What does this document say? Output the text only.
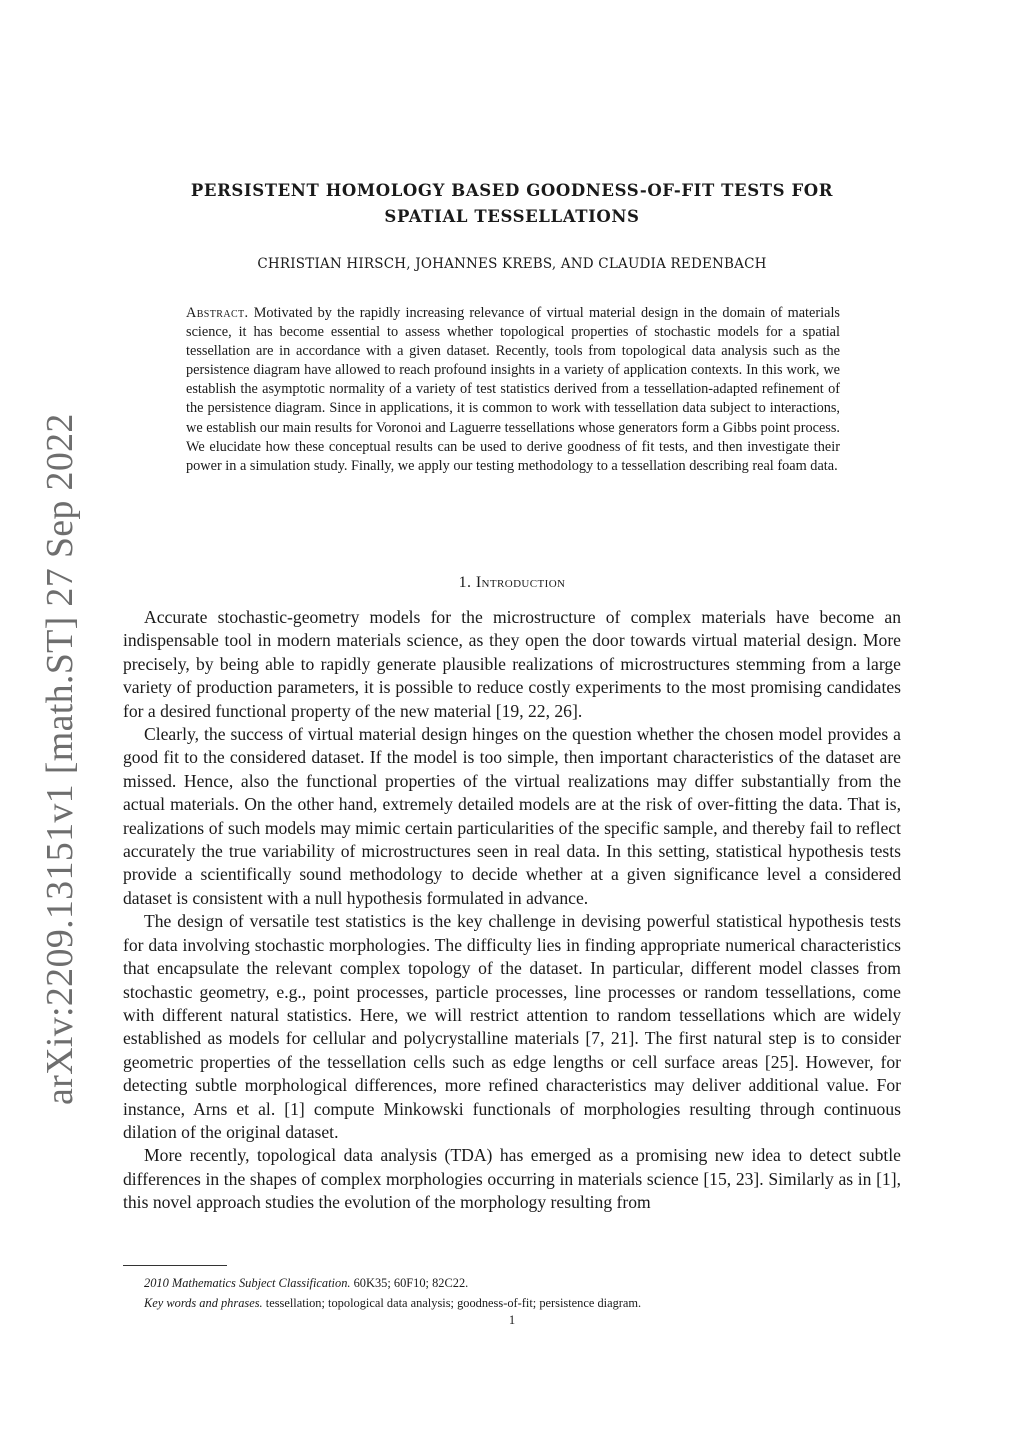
arXiv:2209.13151v1 [math.ST] 27 Sep 2022
PERSISTENT HOMOLOGY BASED GOODNESS-OF-FIT TESTS FOR
SPATIAL TESSELLATIONS
CHRISTIAN HIRSCH, JOHANNES KREBS, AND CLAUDIA REDENBACH

Abstract. Motivated by the rapidly increasing relevance of virtual material design in the domain of materials science, it has become essential to assess whether topological properties of stochastic models for a spatial tessellation are in accordance with a given dataset. Recently, tools from topological data analysis such as the persistence diagram have allowed to reach profound insights in a variety of application contexts. In this work, we establish the asymptotic normality of a variety of test statistics derived from a tessellation-adapted refinement of the persistence diagram. Since in applications, it is common to work with tessellation data subject to interactions, we establish our main results for Voronoi and Laguerre tessellations whose generators form a Gibbs point process. We elucidate how these conceptual results can be used to derive goodness of fit tests, and then investigate their power in a simulation study. Finally, we apply our testing methodology to a tessellation describing real foam data.

1. Introduction

Accurate stochastic-geometry models for the microstructure of complex materials have become an indispensable tool in modern materials science, as they open the door towards virtual material design. More precisely, by being able to rapidly generate plausible realizations of microstructures stemming from a large variety of production parameters, it is possible to reduce costly experiments to the most promising candidates for a desired functional property of the new material [19, 22, 26].

Clearly, the success of virtual material design hinges on the question whether the chosen model provides a good fit to the considered dataset. If the model is too simple, then important characteristics of the dataset are missed. Hence, also the functional properties of the virtual realizations may differ substantially from the actual materials. On the other hand, extremely detailed models are at the risk of over-fitting the data. That is, realizations of such models may mimic certain particularities of the specific sample, and thereby fail to reflect accurately the true variability of microstructures seen in real data. In this setting, statistical hypothesis tests provide a scientifically sound methodology to decide whether at a given significance level a considered dataset is consistent with a null hypothesis formulated in advance.

The design of versatile test statistics is the key challenge in devising powerful statistical hypothesis tests for data involving stochastic morphologies. The difficulty lies in finding appropriate numerical characteristics that encapsulate the relevant complex topology of the dataset. In particular, different model classes from stochastic geometry, e.g., point processes, particle processes, line processes or random tessellations, come with different natural statistics. Here, we will restrict attention to random tessellations which are widely established as models for cellular and polycrystalline materials [7, 21]. The first natural step is to consider geometric properties of the tessellation cells such as edge lengths or cell surface areas [25]. However, for detecting subtle morphological differences, more refined characteristics may deliver additional value. For instance, Arns et al. [1] compute Minkowski functionals of morphologies resulting through continuous dilation of the original dataset.

More recently, topological data analysis (TDA) has emerged as a promising new idea to detect subtle differences in the shapes of complex morphologies occurring in materials science [15, 23]. Similarly as in [1], this novel approach studies the evolution of the morphology resulting from

2010 Mathematics Subject Classification. 60K35; 60F10; 82C22.
Key words and phrases. tessellation; topological data analysis; goodness-of-fit; persistence diagram.
1
